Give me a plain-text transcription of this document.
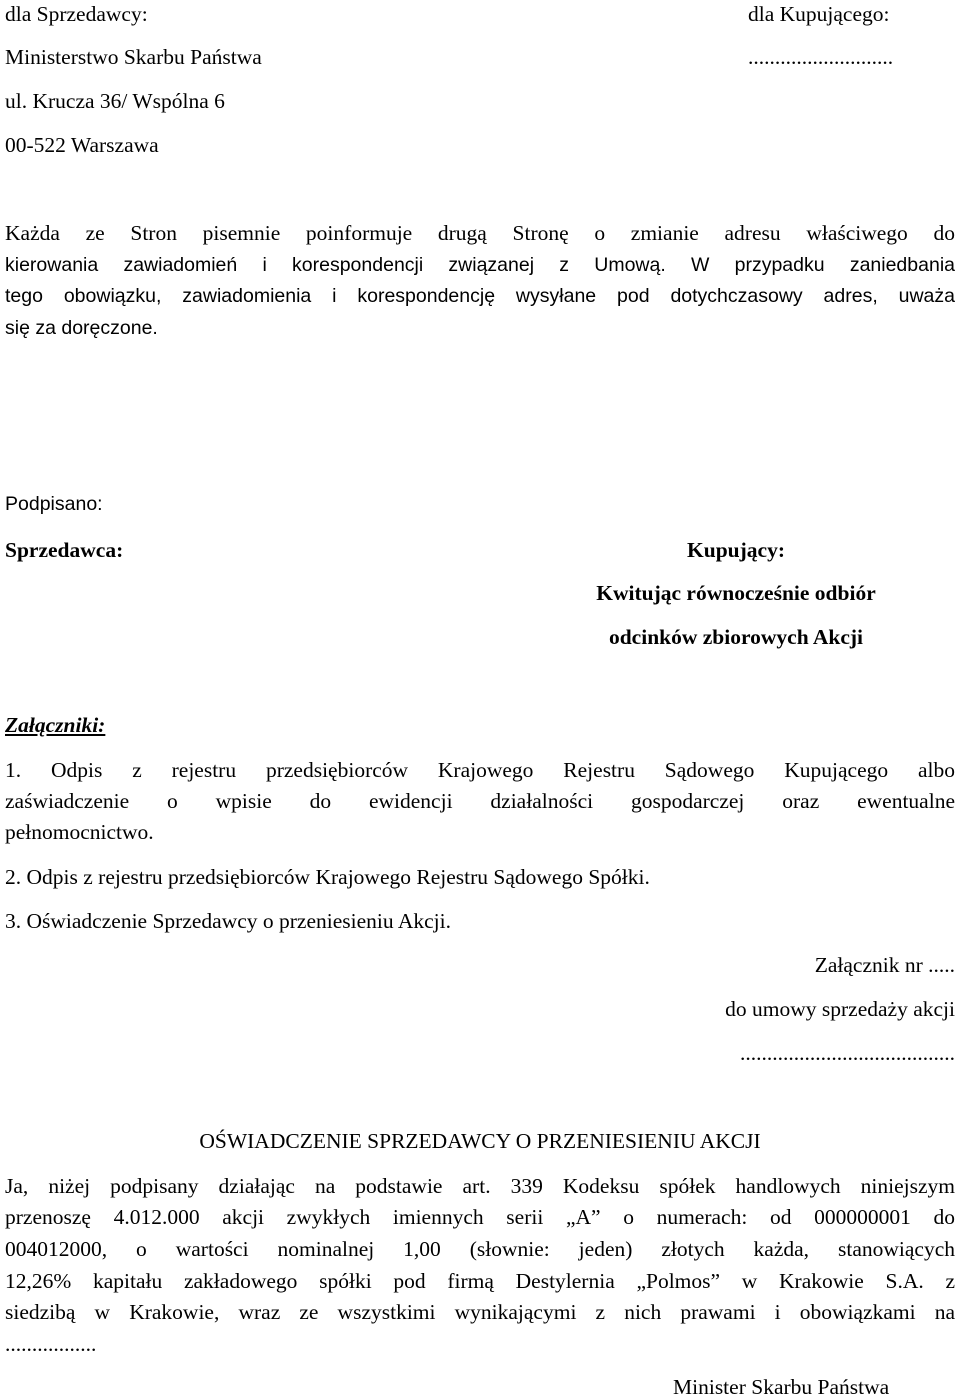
dla Sprzedawcy:	dla Kupującego:
Ministerstwo Skarbu Państwa	...........................
ul. Krucza 36/ Wspólna 6
00-522 Warszawa
Każda ze Stron pisemnie poinformuje drugą Stronę o zmianie adresu właściwego do
kierowania zawiadomień i korespondencji związanej z Umową. W przypadku zaniedbania
tego obowiązku, zawiadomienia i korespondencję wysyłane pod dotychczasowy adres, uważa
się za doręczone.
Podpisano:
Sprzedawca:	Kupujący:
Kwitując równocześnie odbiór
odcinków zbiorowych Akcji
Załączniki:
1. Odpis z rejestru przedsiębiorców Krajowego Rejestru Sądowego Kupującego albo
zaświadczenie o wpisie do ewidencji działalności gospodarczej oraz ewentualne
pełnomocnictwo.
2. Odpis z rejestru przedsiębiorców Krajowego Rejestru Sądowego Spółki.
3. Oświadczenie Sprzedawcy o przeniesieniu Akcji.
Załącznik nr .....
do umowy sprzedaży akcji
........................................
OŚWIADCZENIE SPRZEDAWCY O PRZENIESIENIU AKCJI
Ja, niżej podpisany działając na podstawie art. 339 Kodeksu spółek handlowych niniejszym
przenoszę 4.012.000 akcji zwykłych imiennych serii „A” o numerach: od 000000001 do
004012000, o wartości nominalnej 1,00 (słownie: jeden) złotych każda, stanowiących
12,26% kapitału zakładowego spółki pod firmą Destylernia „Polmos” w Krakowie S.A. z
siedzibą w Krakowie, wraz ze wszystkimi wynikającymi z nich prawami i obowiązkami na
.................
Minister Skarbu Państwa
